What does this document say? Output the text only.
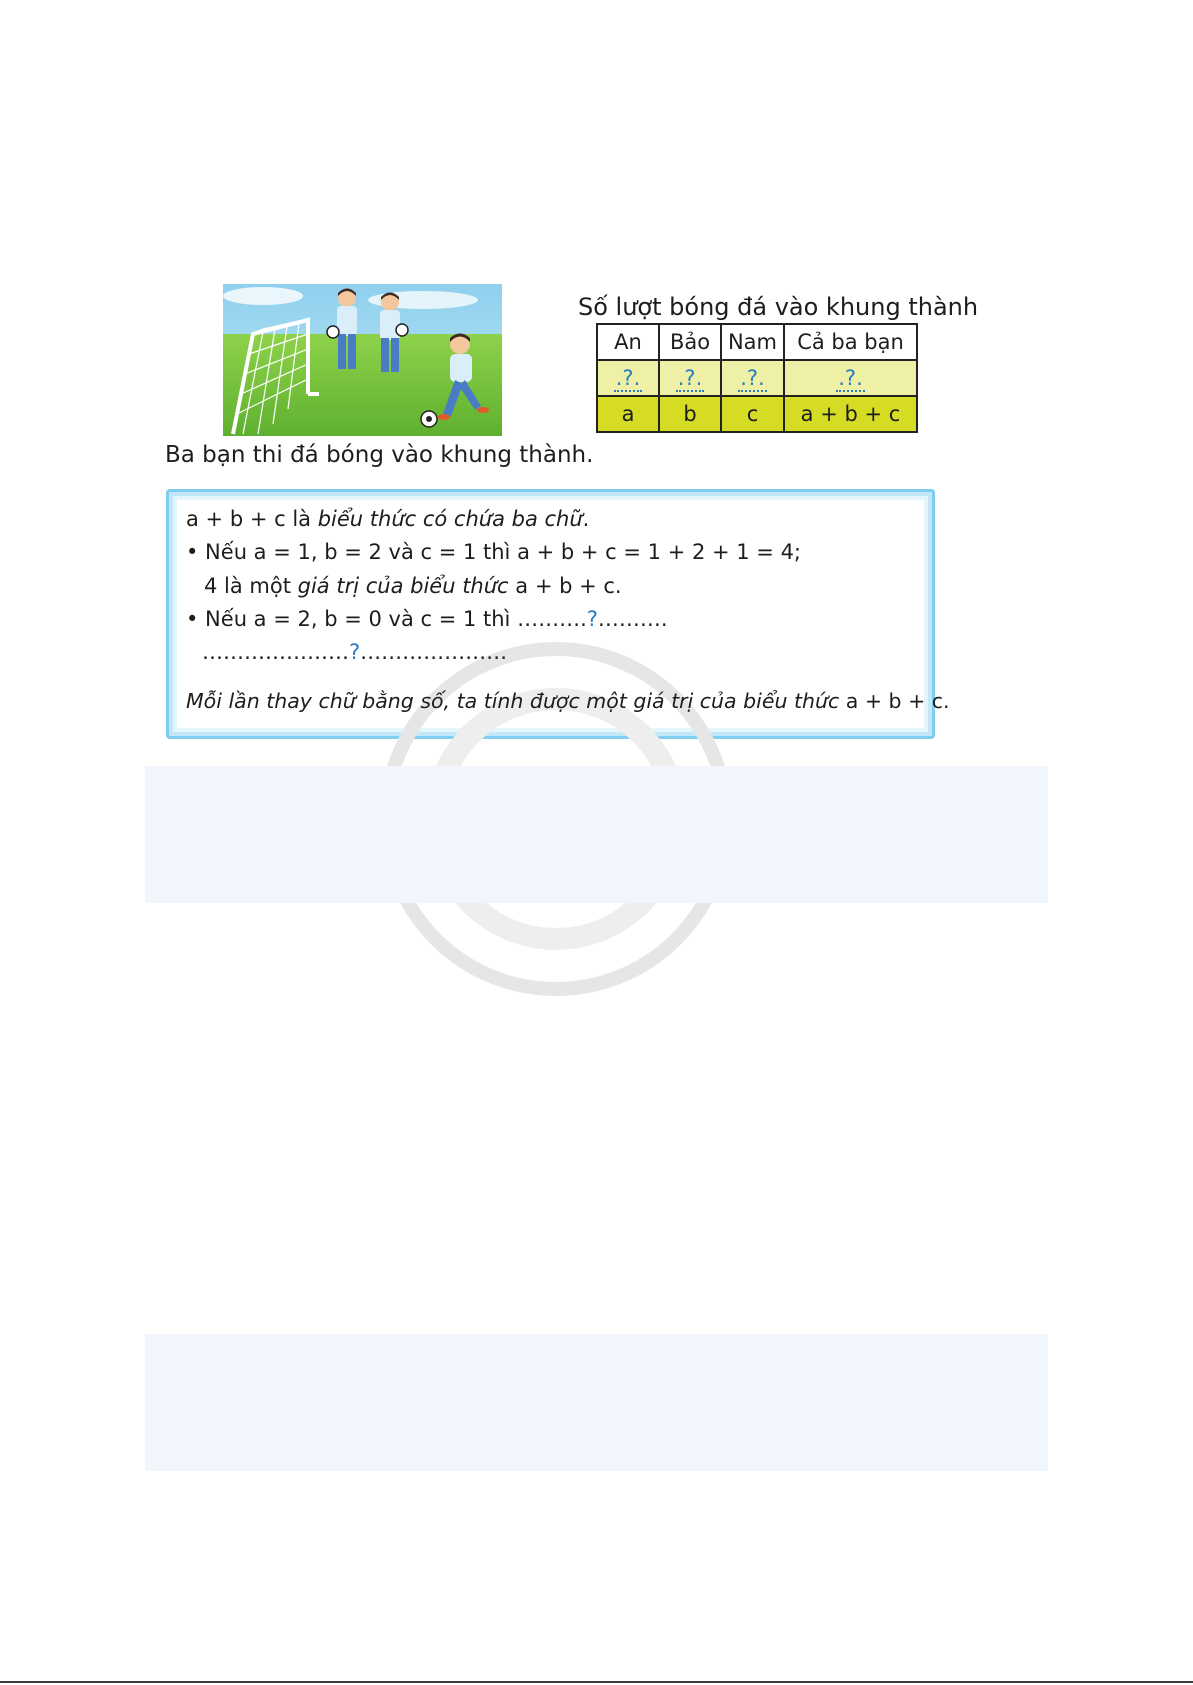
Ba bạn thi đá bóng vào khung thành.
Số lượt bóng đá vào khung thành
An	Bảo	Nam	Cả ba bạn
.?.	.?.	.?.	.?.
a	b	c	a + b + c
a + b + c là biểu thức có chứa ba chữ.
• Nếu a = 1, b = 2 và c = 1 thì a + b + c = 1 + 2 + 1 = 4;
4 là một giá trị của biểu thức a + b + c.
• Nếu a = 2, b = 0 và c = 1 thì ……….?……….
…………………?…………………
Mỗi lần thay chữ bằng số, ta tính được một giá trị của biểu thức a + b + c.
